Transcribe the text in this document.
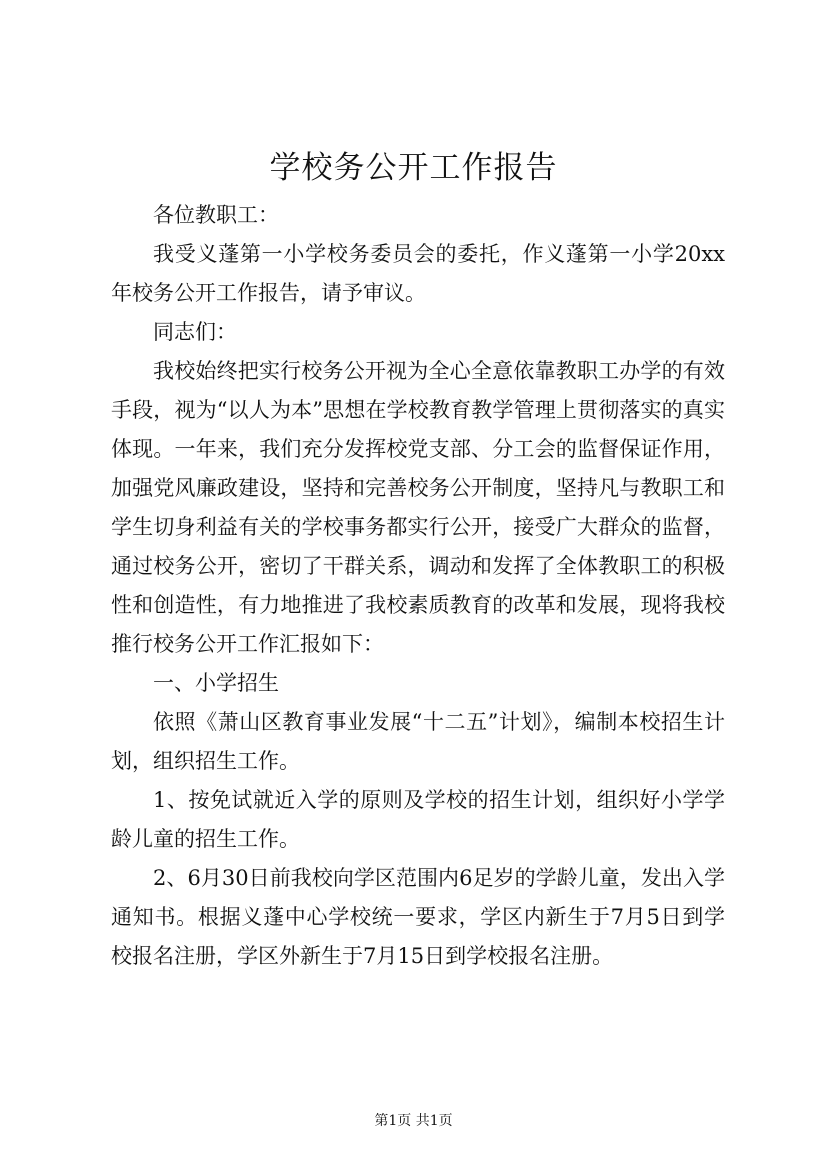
学校务公开工作报告

各位教职工：

我受义蓬第一小学校务委员会的委托，作义蓬第一小学20xx年校务公开工作报告，请予审议。

同志们：

我校始终把实行校务公开视为全心全意依靠教职工办学的有效手段，视为“以人为本”思想在学校教育教学管理上贯彻落实的真实体现。一年来，我们充分发挥校党支部、分工会的监督保证作用，加强党风廉政建设，坚持和完善校务公开制度，坚持凡与教职工和学生切身利益有关的学校事务都实行公开，接受广大群众的监督，通过校务公开，密切了干群关系，调动和发挥了全体教职工的积极性和创造性，有力地推进了我校素质教育的改革和发展，现将我校推行校务公开工作汇报如下：

一、小学招生

依照《萧山区教育事业发展“十二五”计划》，编制本校招生计划，组织招生工作。

1、按免试就近入学的原则及学校的招生计划，组织好小学学龄儿童的招生工作。

2、6月30日前我校向学区范围内6足岁的学龄儿童，发出入学通知书。根据义蓬中心学校统一要求，学区内新生于7月5日到学校报名注册，学区外新生于7月15日到学校报名注册。

第1页 共1页
